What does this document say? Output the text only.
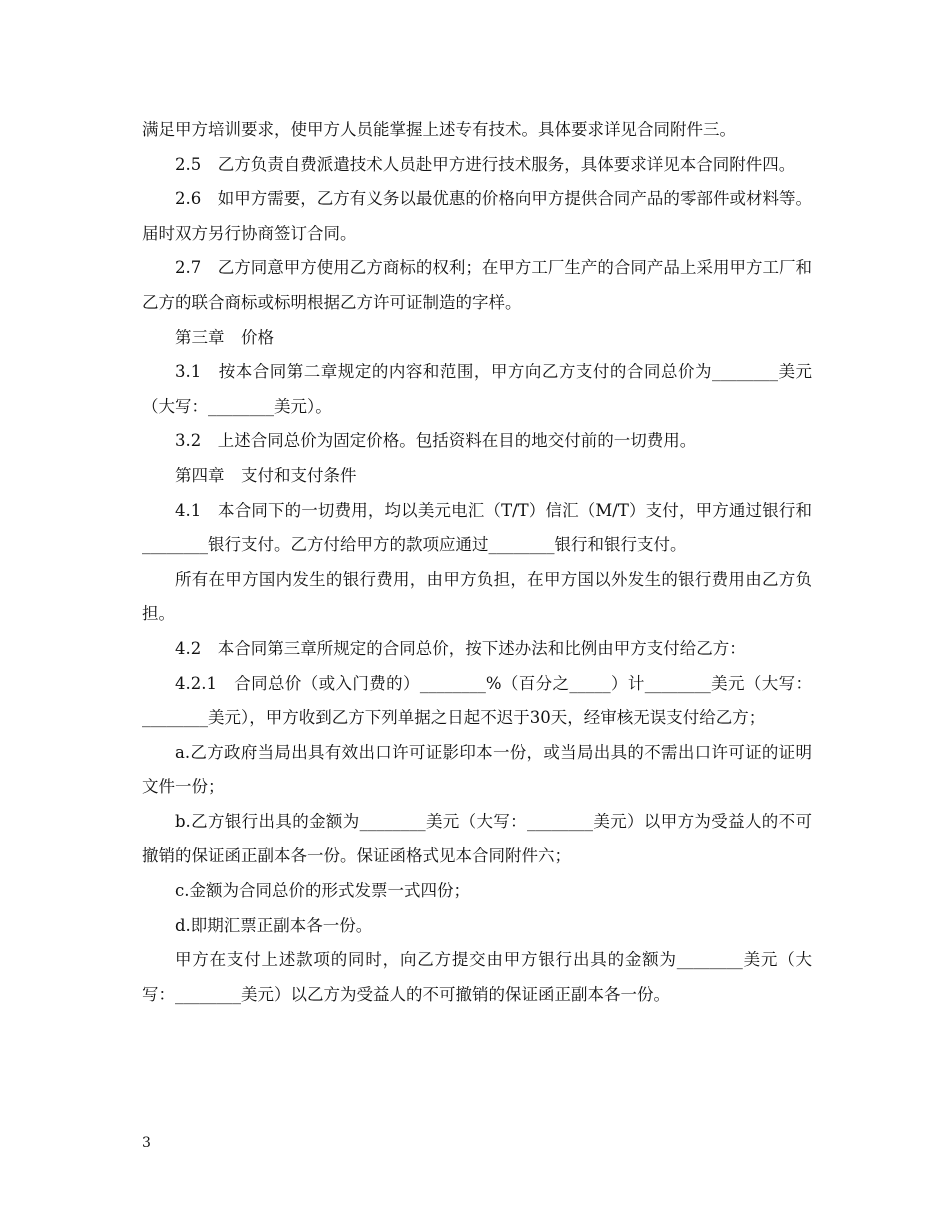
满足甲方培训要求，使甲方人员能掌握上述专有技术。具体要求详见合同附件三。

2.5　乙方负责自费派遣技术人员赴甲方进行技术服务，具体要求详见本合同附件四。

2.6　如甲方需要，乙方有义务以最优惠的价格向甲方提供合同产品的零部件或材料等。届时双方另行协商签订合同。

2.7　乙方同意甲方使用乙方商标的权利；在甲方工厂生产的合同产品上采用甲方工厂和乙方的联合商标或标明根据乙方许可证制造的字样。

第三章　价格

3.1　按本合同第二章规定的内容和范围，甲方向乙方支付的合同总价为________美元（大写：________美元）。

3.2　上述合同总价为固定价格。包括资料在目的地交付前的一切费用。

第四章　支付和支付条件

4.1　本合同下的一切费用，均以美元电汇（T/T）信汇（M/T）支付，甲方通过银行和________银行支付。乙方付给甲方的款项应通过________银行和银行支付。

所有在甲方国内发生的银行费用，由甲方负担，在甲方国以外发生的银行费用由乙方负担。

4.2　本合同第三章所规定的合同总价，按下述办法和比例由甲方支付给乙方：

4.2.1　合同总价（或入门费的）________%（百分之_____）计________美元（大写：________美元），甲方收到乙方下列单据之日起不迟于30天，经审核无误支付给乙方；

a.乙方政府当局出具有效出口许可证影印本一份，或当局出具的不需出口许可证的证明文件一份；

b.乙方银行出具的金额为________美元（大写：________美元）以甲方为受益人的不可撤销的保证函正副本各一份。保证函格式见本合同附件六；

c.金额为合同总价的形式发票一式四份；

d.即期汇票正副本各一份。

甲方在支付上述款项的同时，向乙方提交由甲方银行出具的金额为________美元（大写：________美元）以乙方为受益人的不可撤销的保证函正副本各一份。

3
